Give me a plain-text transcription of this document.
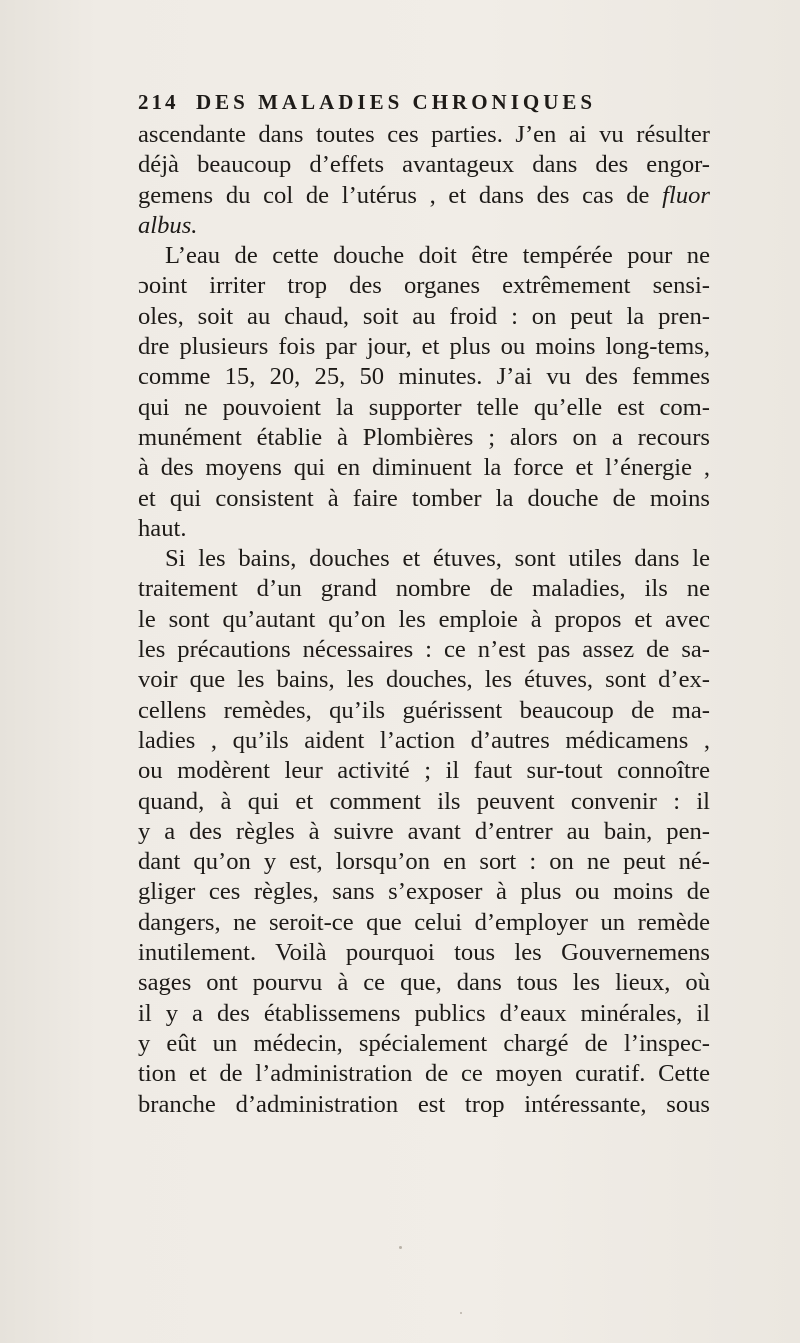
214 DES MALADIES CHRONIQUES
ascendante dans toutes ces parties. J’en ai vu résulter
déjà beaucoup d’effets avantageux dans des engor-
gemens du col de l’utérus , et dans des cas de fluor
albus.
L’eau de cette douche doit être tempérée pour ne
ɔoint irriter trop des organes extrêmement sensi-
oles, soit au chaud, soit au froid : on peut la pren-
dre plusieurs fois par jour, et plus ou moins long-tems,
comme 15, 20, 25, 50 minutes. J’ai vu des femmes
qui ne pouvoient la supporter telle qu’elle est com-
munément établie à Plombières ; alors on a recours
à des moyens qui en diminuent la force et l’énergie ,
et qui consistent à faire tomber la douche de moins
haut.
Si les bains, douches et étuves, sont utiles dans le
traitement d’un grand nombre de maladies, ils ne
le sont qu’autant qu’on les emploie à propos et avec
les précautions nécessaires : ce n’est pas assez de sa-
voir que les bains, les douches, les étuves, sont d’ex-
cellens remèdes, qu’ils guérissent beaucoup de ma-
ladies , qu’ils aident l’action d’autres médicamens ,
ou modèrent leur activité ; il faut sur-tout connoître
quand, à qui et comment ils peuvent convenir : il
y a des règles à suivre avant d’entrer au bain, pen-
dant qu’on y est, lorsqu’on en sort : on ne peut né-
gliger ces règles, sans s’exposer à plus ou moins de
dangers, ne seroit-ce que celui d’employer un remède
inutilement. Voilà pourquoi tous les Gouvernemens
sages ont pourvu à ce que, dans tous les lieux, où
il y a des établissemens publics d’eaux minérales, il
y eût un médecin, spécialement chargé de l’inspec-
tion et de l’administration de ce moyen curatif. Cette
branche d’administration est trop intéressante, sous
